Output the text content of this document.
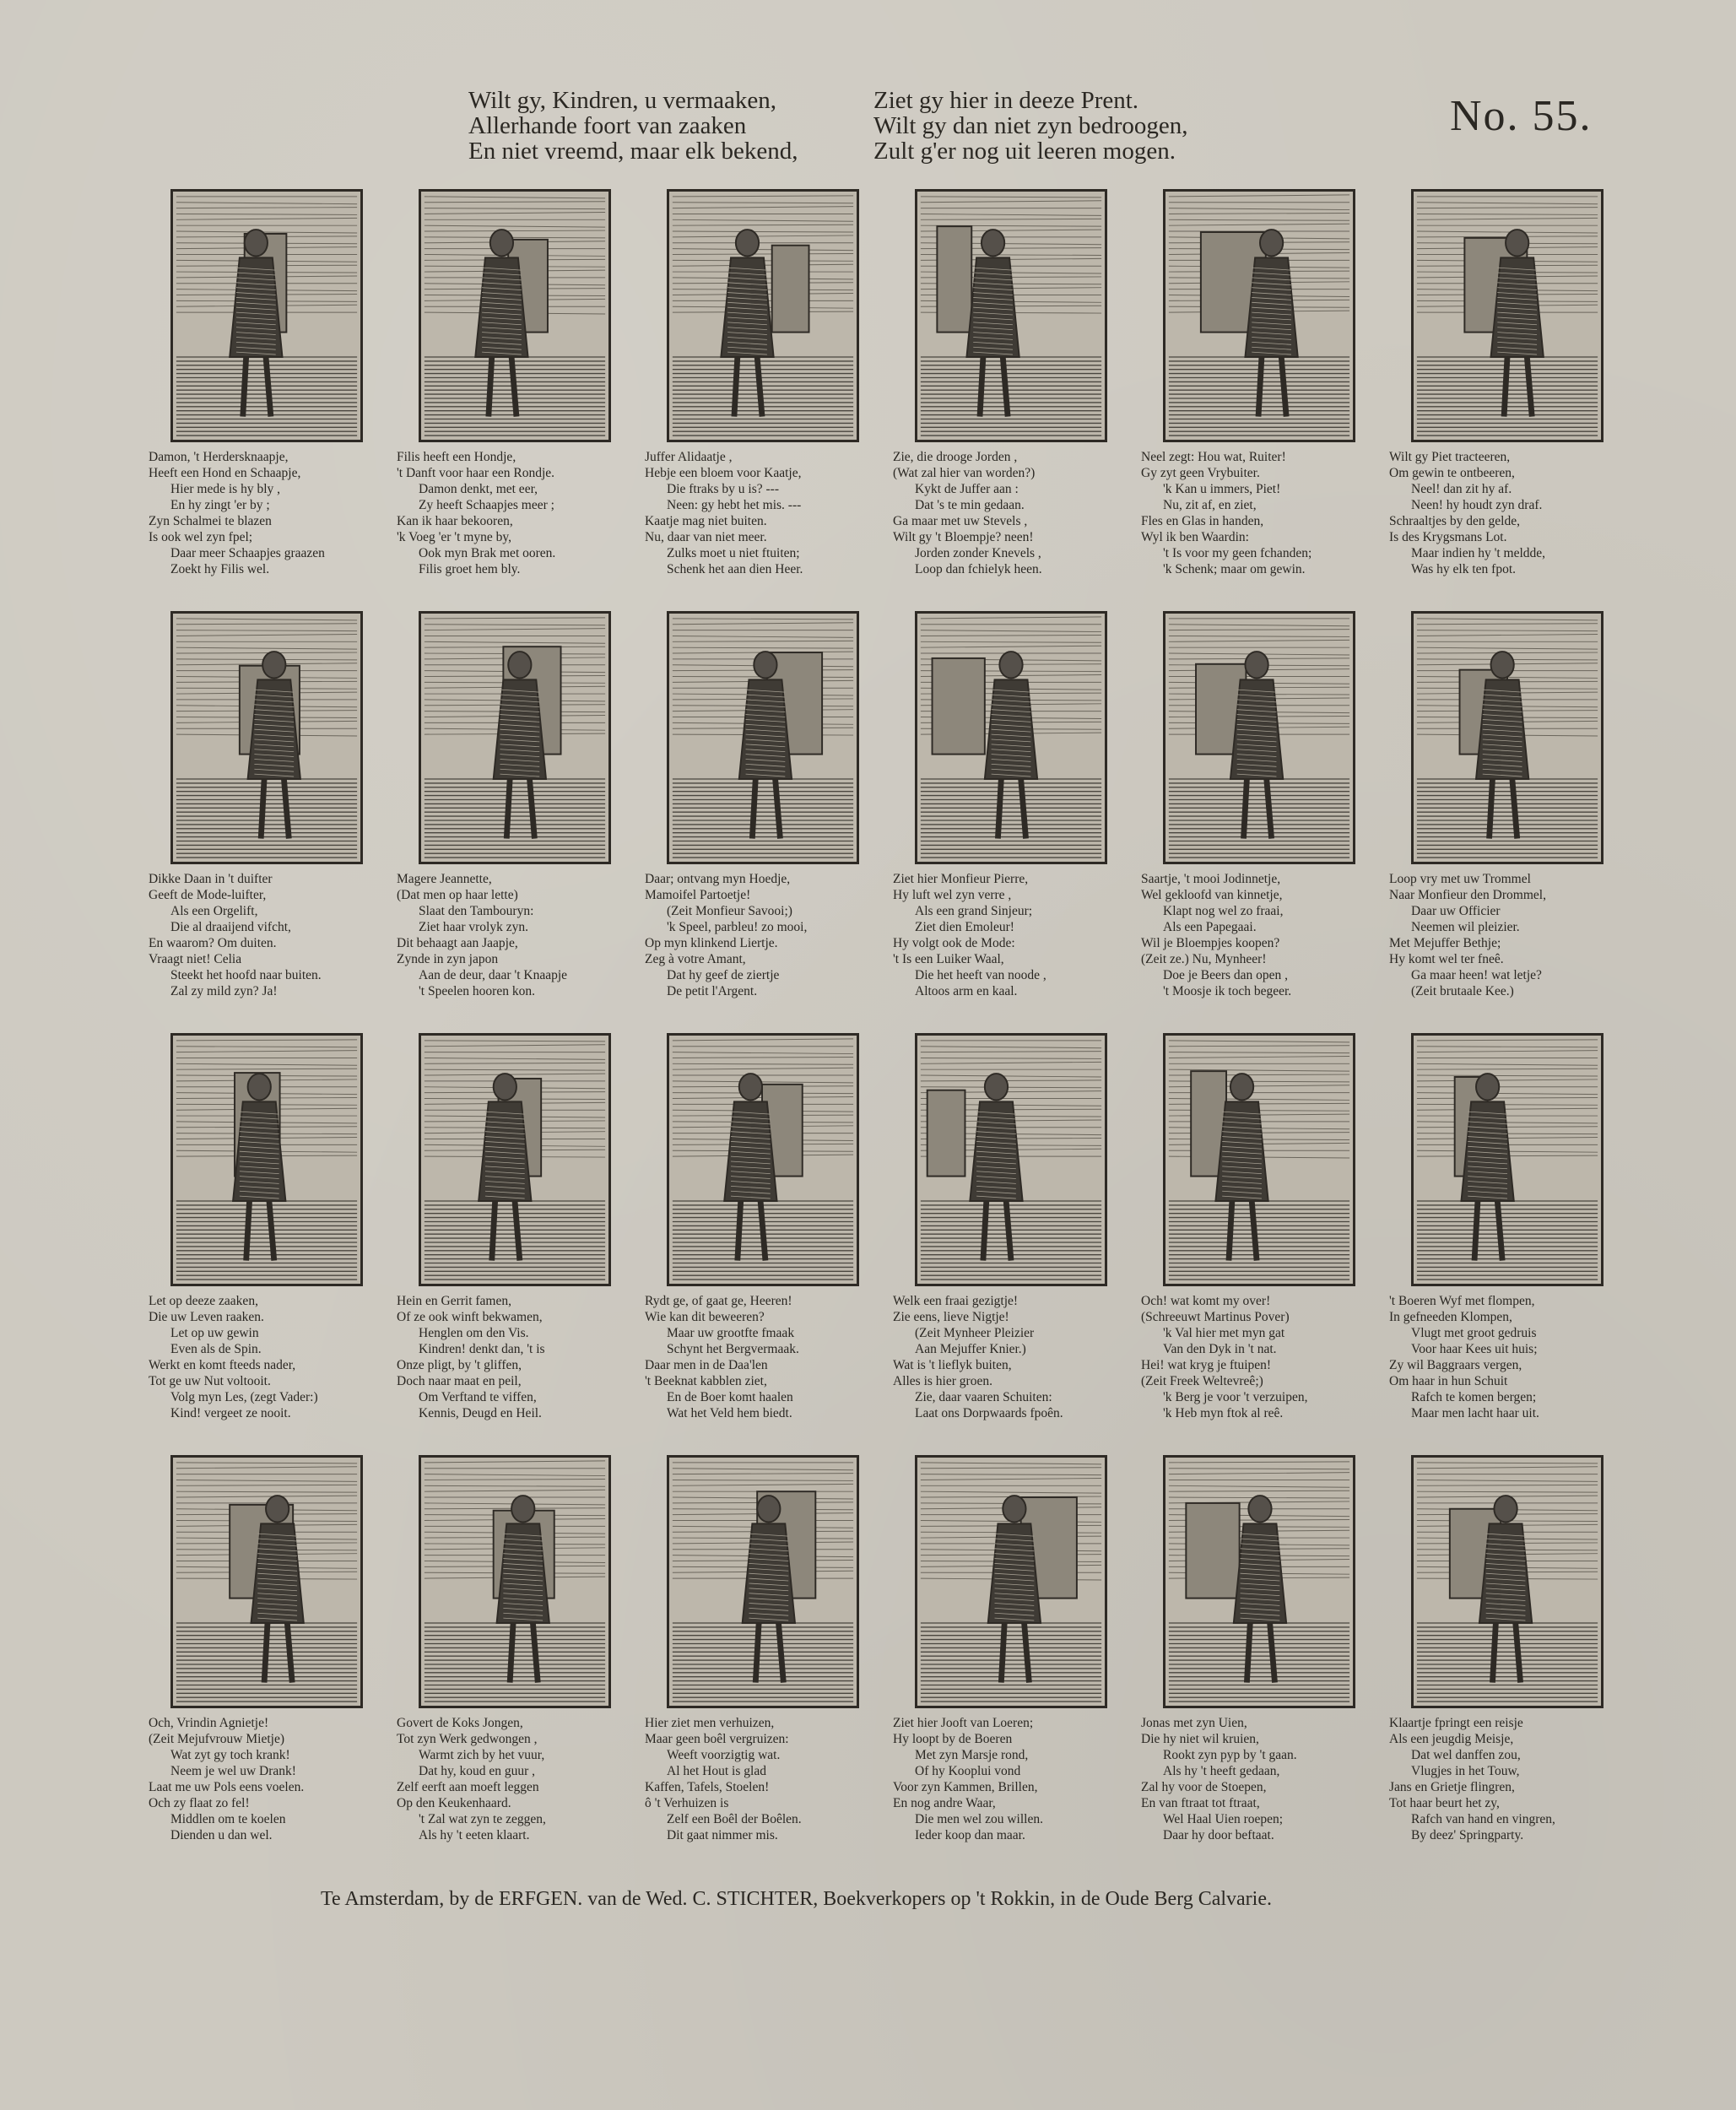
Wilt gy, Kindren, u vermaaken,
Allerhande foort van zaaken
En niet vreemd, maar elk bekend,
Ziet gy hier in deeze Prent.
Wilt gy dan niet zyn bedroogen,
Zult g'er nog uit leeren mogen.
No. 55.
Damon, 't Herdersknaapje,
Heeft een Hond en Schaapje,
Hier mede is hy bly ,
En hy zingt 'er by ;
Zyn Schalmei te blazen
Is ook wel zyn fpel;
Daar meer Schaapjes graazen
Zoekt hy Filis wel.
Filis heeft een Hondje,
't Danft voor haar een Rondje.
Damon denkt, met eer,
Zy heeft Schaapjes meer ;
Kan ik haar bekooren,
'k Voeg 'er 't myne by,
Ook myn Brak met ooren.
Filis groet hem bly.
Juffer Alidaatje ,
Hebje een bloem voor Kaatje,
Die ftraks by u is? ---
Neen: gy hebt het mis. ---
Kaatje mag niet buiten.
Nu, daar van niet meer.
Zulks moet u niet ftuiten;
Schenk het aan dien Heer.
Zie, die drooge Jorden ,
(Wat zal hier van worden?)
Kykt de Juffer aan :
Dat 's te min gedaan.
Ga maar met uw Stevels ,
Wilt gy 't Bloempje? neen!
Jorden zonder Knevels ,
Loop dan fchielyk heen.
Neel zegt: Hou wat, Ruiter!
Gy zyt geen Vrybuiter.
'k Kan u immers, Piet!
Nu, zit af, en ziet,
Fles en Glas in handen,
Wyl ik ben Waardin:
't Is voor my geen fchanden;
'k Schenk; maar om gewin.
Wilt gy Piet tracteeren,
Om gewin te ontbeeren,
Neel! dan zit hy af.
Neen! hy houdt zyn draf.
Schraaltjes by den gelde,
Is des Krygsmans Lot.
Maar indien hy 't meldde,
Was hy elk ten fpot.
Dikke Daan in 't duifter
Geeft de Mode-luifter,
Als een Orgelift,
Die al draaijend vifcht,
En waarom? Om duiten.
Vraagt niet! Celia
Steekt het hoofd naar buiten.
Zal zy mild zyn? Ja!
Magere Jeannette,
(Dat men op haar lette)
Slaat den Tambouryn:
Ziet haar vrolyk zyn.
Dit behaagt aan Jaapje,
Zynde in zyn japon
Aan de deur, daar 't Knaapje
't Speelen hooren kon.
Daar; ontvang myn Hoedje,
Mamoifel Partoetje!
(Zeit Monfieur Savooi;)
'k Speel, parbleu! zo mooi,
Op myn klinkend Liertje.
Zeg à votre Amant,
Dat hy geef de ziertje
De petit l'Argent.
Ziet hier Monfieur Pierre,
Hy luft wel zyn verre ,
Als een grand Sinjeur;
Ziet dien Emoleur!
Hy volgt ook de Mode:
't Is een Luiker Waal,
Die het heeft van noode ,
Altoos arm en kaal.
Saartje, 't mooi Jodinnetje,
Wel gekloofd van kinnetje,
Klapt nog wel zo fraai,
Als een Papegaai.
Wil je Bloempjes koopen?
(Zeit ze.) Nu, Mynheer!
Doe je Beers dan open ,
't Moosje ik toch begeer.
Loop vry met uw Trommel
Naar Monfieur den Drommel,
Daar uw Officier
Neemen wil pleizier.
Met Mejuffer Bethje;
Hy komt wel ter fneê.
Ga maar heen! wat letje?
(Zeit brutaale Kee.)
Let op deeze zaaken,
Die uw Leven raaken.
Let op uw gewin
Even als de Spin.
Werkt en komt fteeds nader,
Tot ge uw Nut voltooit.
Volg myn Les, (zegt Vader:)
Kind! vergeet ze nooit.
Hein en Gerrit famen,
Of ze ook winft bekwamen,
Henglen om den Vis.
Kindren! denkt dan, 't is
Onze pligt, by 't gliffen,
Doch naar maat en peil,
Om Verftand te viffen,
Kennis, Deugd en Heil.
Rydt ge, of gaat ge, Heeren!
Wie kan dit beweeren?
Maar uw grootfte fmaak
Schynt het Bergvermaak.
Daar men in de Daa'len
't Beeknat kabblen ziet,
En de Boer komt haalen
Wat het Veld hem biedt.
Welk een fraai gezigtje!
Zie eens, lieve Nigtje!
(Zeit Mynheer Pleizier
Aan Mejuffer Knier.)
Wat is 't lieflyk buiten,
Alles is hier groen.
Zie, daar vaaren Schuiten:
Laat ons Dorpwaards fpoên.
Och! wat komt my over!
(Schreeuwt Martinus Pover)
'k Val hier met myn gat
Van den Dyk in 't nat.
Hei! wat kryg je ftuipen!
(Zeit Freek Weltevreê;)
'k Berg je voor 't verzuipen,
'k Heb myn ftok al reê.
't Boeren Wyf met flompen,
In gefneeden Klompen,
Vlugt met groot gedruis
Voor haar Kees uit huis;
Zy wil Baggraars vergen,
Om haar in hun Schuit
Rafch te komen bergen;
Maar men lacht haar uit.
Och, Vrindin Agnietje!
(Zeit Mejufvrouw Mietje)
Wat zyt gy toch krank!
Neem je wel uw Drank!
Laat me uw Pols eens voelen.
Och zy flaat zo fel!
Middlen om te koelen
Dienden u dan wel.
Govert de Koks Jongen,
Tot zyn Werk gedwongen ,
Warmt zich by het vuur,
Dat hy, koud en guur ,
Zelf eerft aan moeft leggen
Op den Keukenhaard.
't Zal wat zyn te zeggen,
Als hy 't eeten klaart.
Hier ziet men verhuizen,
Maar geen boêl vergruizen:
Weeft voorzigtig wat.
Al het Hout is glad
Kaffen, Tafels, Stoelen!
ô 't Verhuizen is
Zelf een Boêl der Boêlen.
Dit gaat nimmer mis.
Ziet hier Jooft van Loeren;
Hy loopt by de Boeren
Met zyn Marsje rond,
Of hy Kooplui vond
Voor zyn Kammen, Brillen,
En nog andre Waar,
Die men wel zou willen.
Ieder koop dan maar.
Jonas met zyn Uien,
Die hy niet wil kruien,
Rookt zyn pyp by 't gaan.
Als hy 't heeft gedaan,
Zal hy voor de Stoepen,
En van ftraat tot ftraat,
Wel Haal Uien roepen;
Daar hy door beftaat.
Klaartje fpringt een reisje
Als een jeugdig Meisje,
Dat wel danffen zou,
Vlugjes in het Touw,
Jans en Grietje flingren,
Tot haar beurt het zy,
Rafch van hand en vingren,
By deez' Springparty.
Te Amsterdam, by de ERFGEN. van de Wed. C. STICHTER, Boekverkopers op 't Rokkin, in de Oude Berg Calvarie.
